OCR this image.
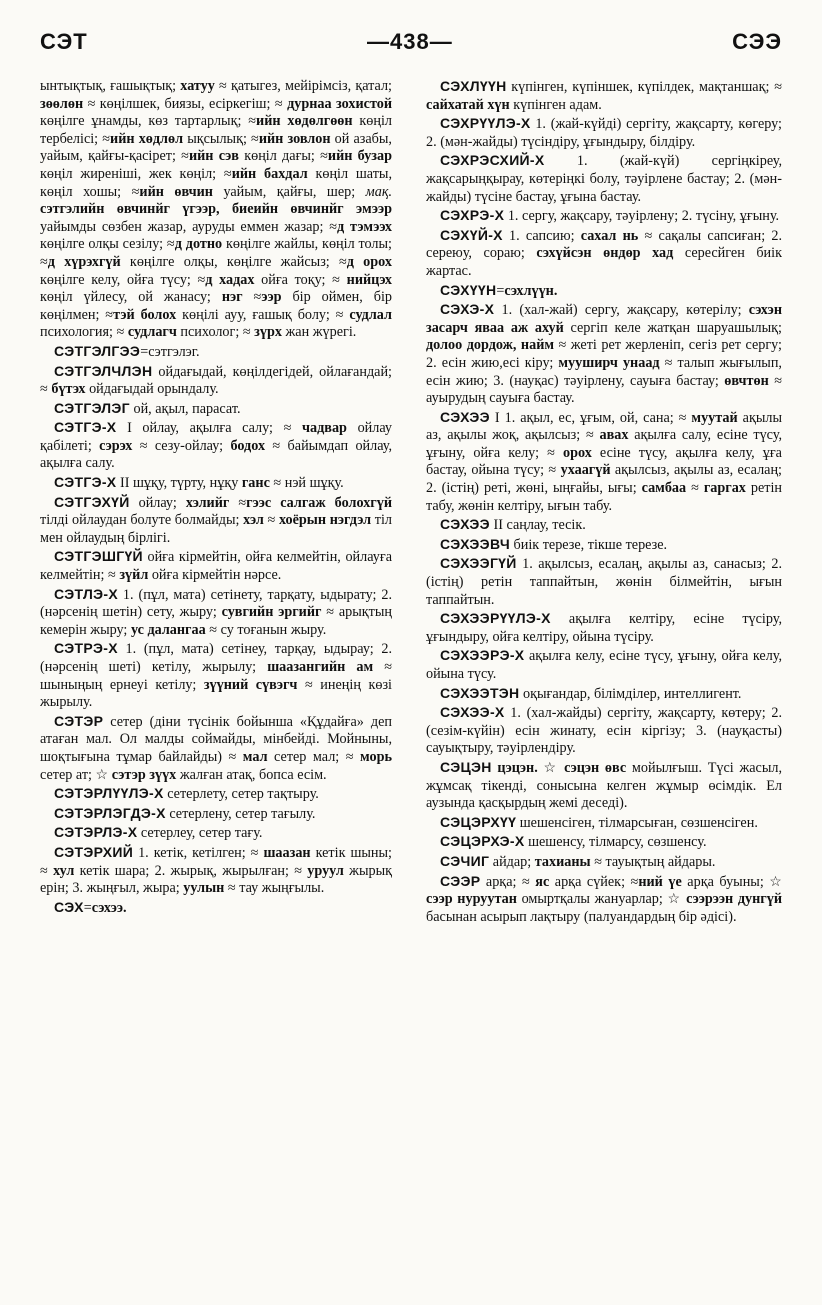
СЭТ	—438—	СЭЭ

ынтықтық, ғашықтық; хатуу ≈ қатыгез, мейірімсіз, қатал; зөөлөн ≈ көңілшек, биязы, есіркегіш; ≈ дурнаа зохистой көңілге ұнамды, көз тартарлық; ≈ийн хөдөлгөөн көңіл тербелісі; ≈ийн хөдлөл ықсылық; ≈ийн зовлон ой азабы, уайым, қайғы-қасірет; ≈ийн сэв көңіл дағы; ≈ийн бузар көңіл жиреніші, жек көңіл; ≈ийн бахдал көңіл шаты, көңіл хошы; ≈ийн өвчин уайым, қайғы, шер; мақ. сэтгэлийн өвчинйг үгээр, биеийн өвчинйг эмээр уайымды сөзбен жазар, ауруды еммен жазар; ≈д тэмээх көңілге олқы сезілу; ≈д дотно көңілге жайлы, көңіл толы; ≈д хүрэхгүй көңілге олқы, көңілге жайсыз; ≈д орох көңілге келу, ойға түсу; ≈д хадах ойға тоқу; ≈ нийцэх көңіл үйлесу, ой жанасу; нэг ≈ээр бір оймен, бір көңілмен; ≈тэй болох көңілі ауу, ғашық болу; ≈ судлал психология; ≈ судлагч психолог; ≈ зүрх жан жүрегі.

СЭТГЭЛГЭЭ=сэтгэлэг.

СЭТГЭЛЧЛЭН ойдағыдай, көңілдегідей, ойлағандай; ≈ бүтэх ойдағыдай орындалу.

СЭТГЭЛЭГ ой, ақыл, парасат.

СЭТГЭ-Х I ойлау, ақылға салу; ≈ чадвар ойлау қабілеті; сэрэх ≈ сезу-ойлау; бодох ≈ байымдап ойлау, ақылға салу.

СЭТГЭ-Х II шұқу, түрту, нұқу ганс ≈ нэй шұқу.

СЭТГЭХҮЙ ойлау; хэлийг ≈гээс салгаж болохгүй тілді ойлаудан болуте болмайды; хэл ≈ хоёрын нэгдэл тіл мен ойлаудың бірлігі.

СЭТГЭШГҮЙ ойға кірмейтін, ойға келмейтін, ойлауға келмейтін; ≈ зүйл ойға кірмейтін нәрсе.

СЭТЛЭ-Х 1. (пұл, мата) сетінету, тарқату, ыдырату; 2. (нәрсенің шетін) сету, жыру; сувгийн эргийг ≈ арықтың кемерін жыру; ус далангаа ≈ су тоғанын жыру.

СЭТРЭ-Х 1. (пұл, мата) сетінеу, тарқау, ыдырау; 2. (нәрсенің шеті) кетілу, жырылу; шаазангийн ам ≈ шыныңың ернеуі кетілу; зүүний сүвэгч ≈ инеңің көзі жырылу.

СЭТЭР сетер (діни түсінік бойынша «Құдайға» деп атаған мал. Ол малды соймайды, мінбейді. Мойныны, шоқтығына тұмар байлайды) ≈ мал сетер мал; ≈ морь сетер ат; ☆ сэтэр зүүх жалған атақ, бопса есім.

СЭТЭРЛҮҮЛЭ-Х сетерлету, сетер тақтыру.

СЭТЭРЛЭГДЭ-Х сетерлену, сетер тағылу.

СЭТЭРЛЭ-Х сетерлеу, сетер тағу.

СЭТЭРХИЙ 1. кетік, кетілген; ≈ шаазан кетік шыны; ≈ хул кетік шара; 2. жырық, жырылған; ≈ уруул жырық ерін; 3. жыңғыл, жыра; уулын ≈ тау жыңғылы.

СЭХ=сэхээ.

СЭХЛҮҮН күпінген, күпіншек, күпілдек, мақтаншақ; ≈ сайхатай хүн күпінген адам.

СЭХРҮҮЛЭ-Х 1. (жай-күйді) сергіту, жақсарту, көгеру; 2. (мән-жайды) түсіндіру, ұғындыру, білдіру.

СЭХРЭСХИЙ-Х 1. (жай-күй) сергіңкіреу, жақсарыңқырау, көтеріңкі болу, тәуірлене бастау; 2. (мән-жайды) түсіне бастау, ұғына бастау.

СЭХРЭ-Х 1. сергу, жақсару, тәуірлену; 2. түсіну, ұғыну.

СЭХҮЙ-Х 1. сапсию; сахал нь ≈ сақалы сапсиған; 2. сереюу, сораю; сэхүйсэн өндөр хад сересйген биік жартас.

СЭХҮҮН=сэхлүүн.

СЭХЭ-Х 1. (хал-жай) сергу, жақсару, көтерілу; сэхэн засарч яваа аж ахуй сергіп келе жатқан шаруашылық; долоо дордож, найм ≈ жеті рет жерленіп, сегіз рет сергу; 2. есін жию,есі кіру; мууширч унаад ≈ талып жығылып, есін жию; 3. (науқас) тәуірлену, сауыға бастау; өвчтөн ≈ ауырудың сауыға бастау.

СЭХЭЭ I 1. ақыл, ес, ұғым, ой, сана; ≈ муутай ақылы аз, ақылы жоқ, ақылсыз; ≈ авах ақылға салу, есіне түсу, ұғыну, ойға келу; ≈ орох есіне түсу, ақылға келу, ұға бастау, ойына түсу; ≈ ухаагүй ақылсыз, ақылы аз, есалаң; 2. (істің) реті, жөні, ыңғайы, ығы; самбаа ≈ гаргах ретін табу, жөнін келтіру, ығын табу.

СЭХЭЭ II саңлау, тесік.

СЭХЭЭВЧ биік терезе, тікше терезе.

СЭХЭЭГҮЙ 1. ақылсыз, есалаң, ақылы аз, санасыз; 2. (істің) ретін таппайтын, жөнін білмейтін, ығын таппайтын.

СЭХЭЭРҮҮЛЭ-Х ақылға келтіру, есіне түсіру, ұғындыру, ойға келтіру, ойына түсіру.

СЭХЭЭРЭ-Х ақылға келу, есіне түсу, ұғыну, ойға келу, ойына түсу.

СЭХЭЭТЭН оқығандар, білімділер, интеллигент.

СЭХЭЭ-Х 1. (хал-жайды) сергіту, жақсарту, көтеру; 2. (сезім-күйін) есін жинату, есін кіргізу; 3. (науқасты) сауықтыру, тәуірлендіру.

СЭЦЭН цэцэн. ☆ сэцэн өвс мойылғыш. Түсі жасыл, жұмсақ тікенді, сонысына келген жұмыр өсімдік. Ел аузында қасқырдың жемі деседі).

СЭЦЭРХҮҮ шешенсіген, тілмарсыған, сөзшенсіген.

СЭЦЭРХЭ-Х шешенсу, тілмарсу, сөзшенсу.

СЭЧИГ айдар; тахианы ≈ тауықтың айдары.

СЭЭР арқа; ≈ яс арқа сүйек; ≈ний үе арқа буыны; ☆ сээр нуруутан омыртқалы жануарлар; ☆ сээрээн дунгүй басынан асырып лақтыру (палуандардың бір әдісі).
